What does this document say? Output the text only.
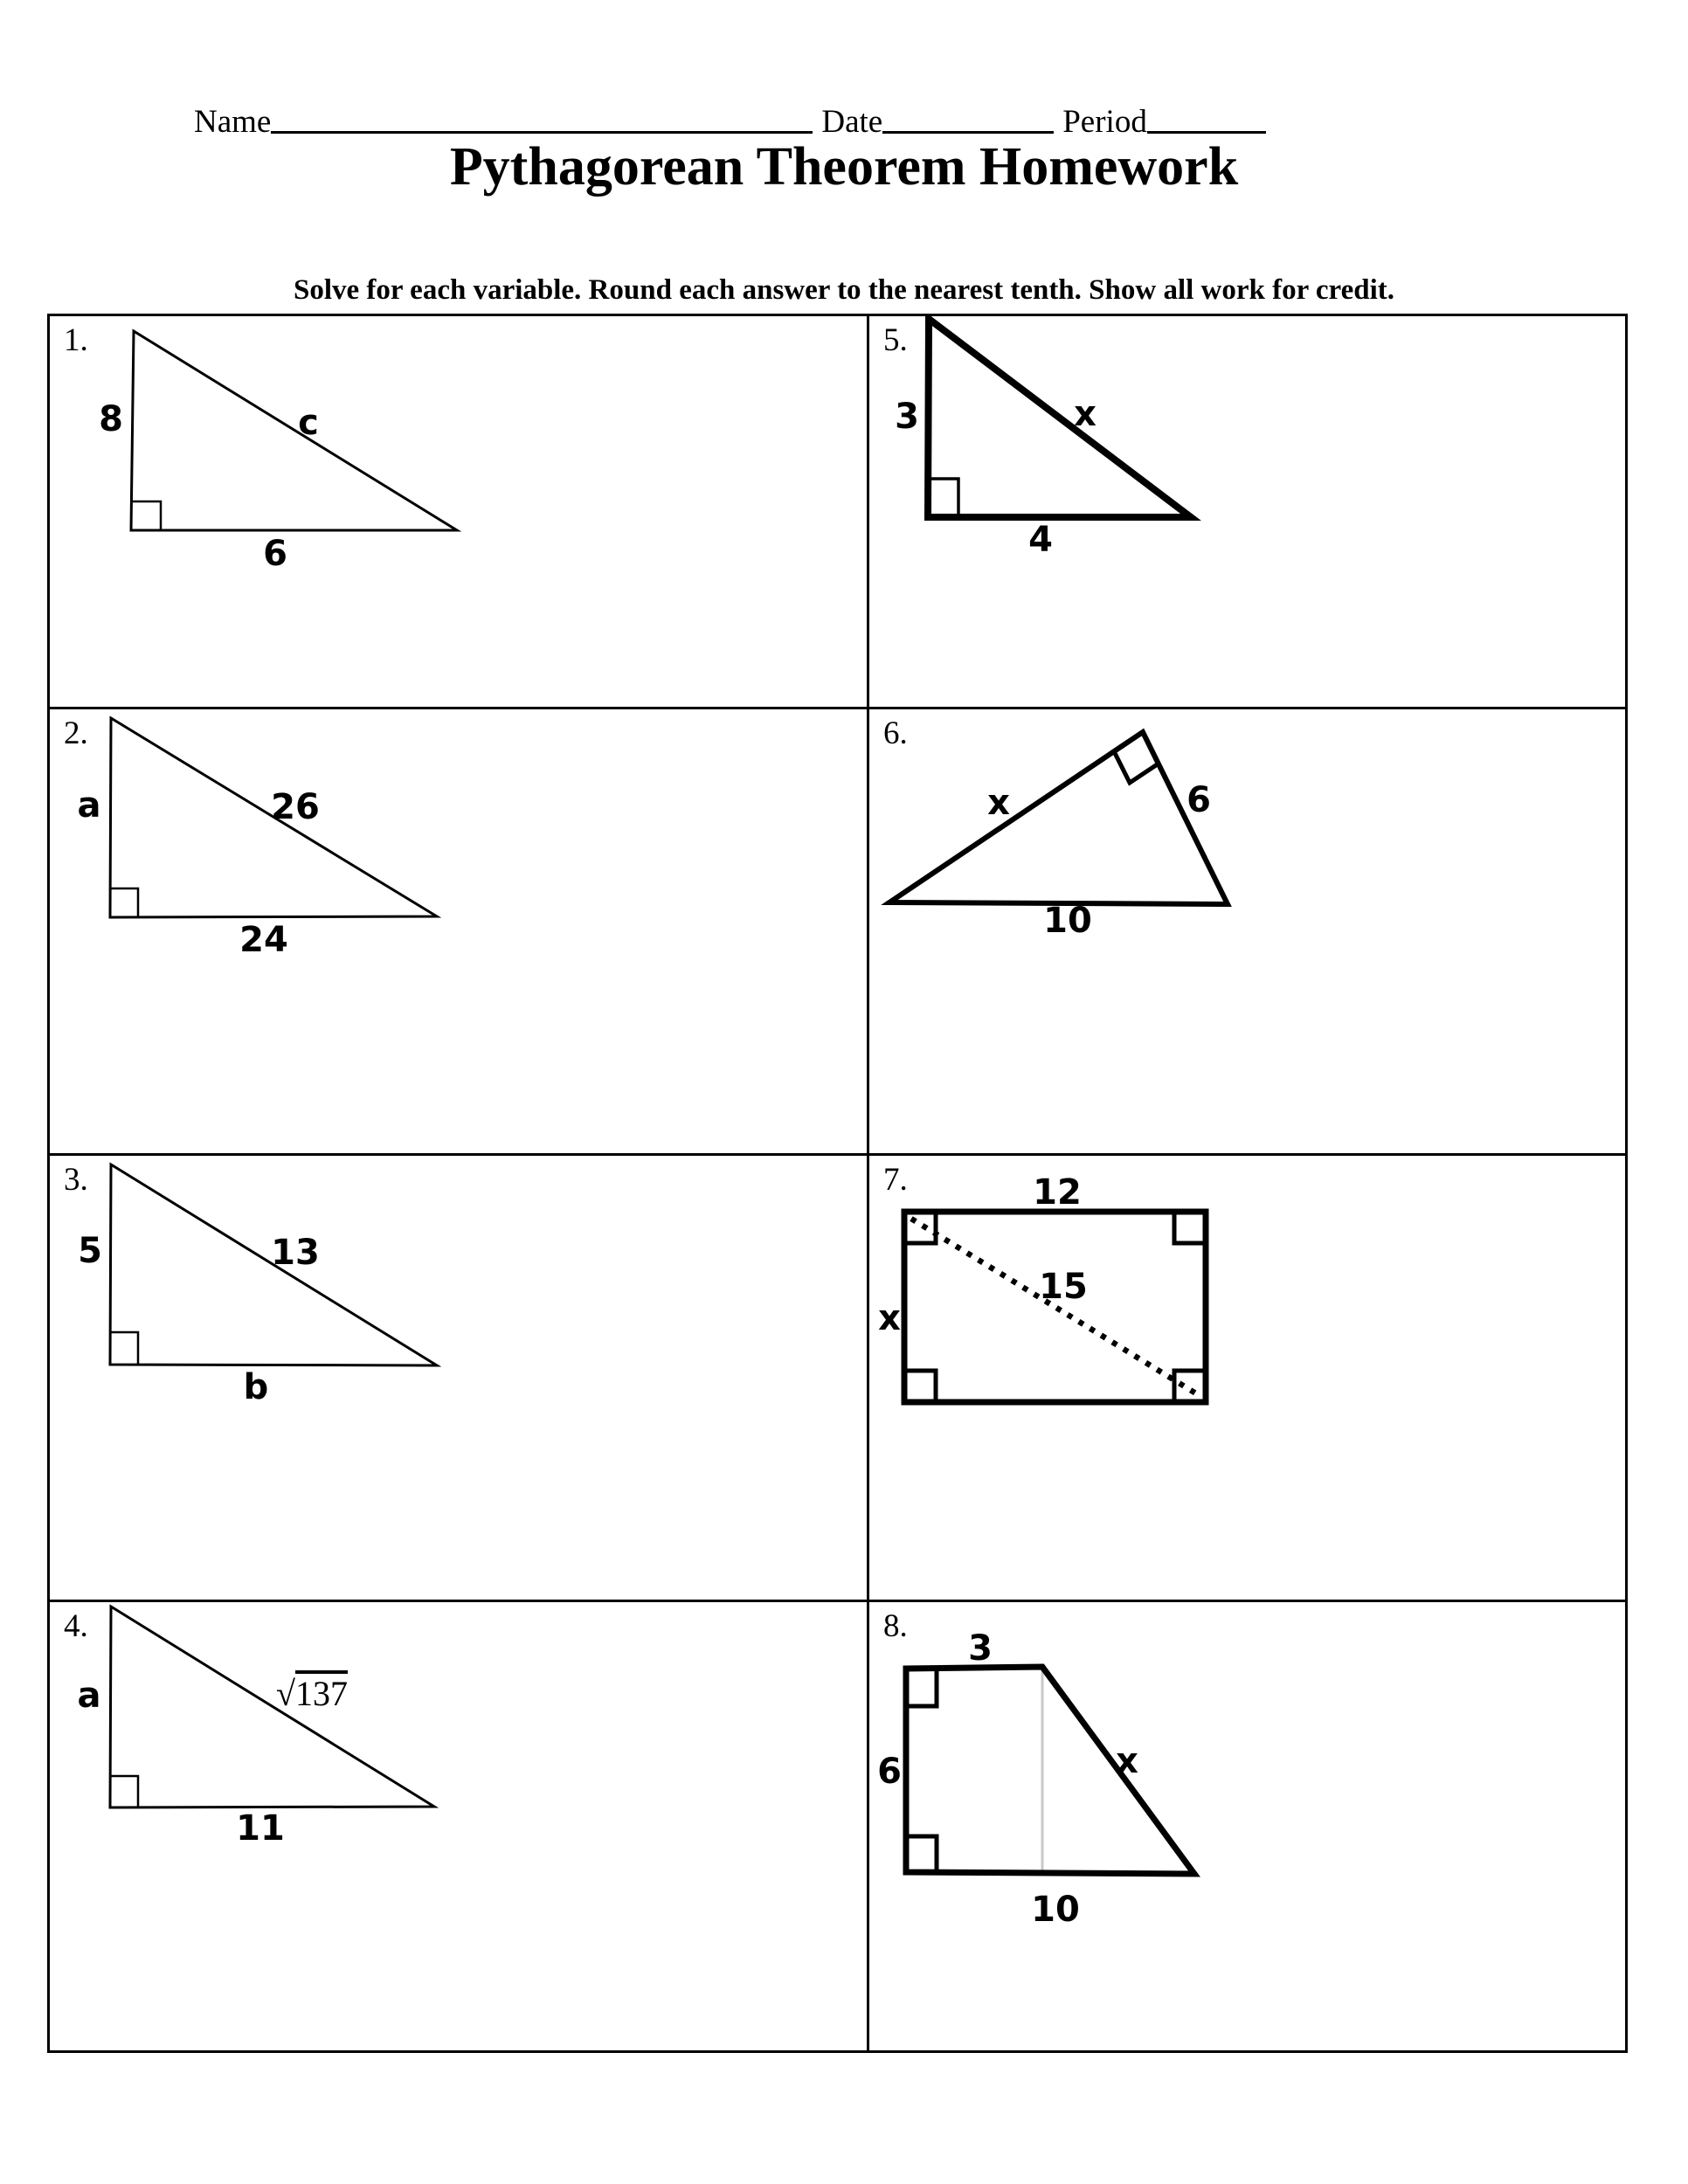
Name	Date	Period
Pythagorean Theorem Homework
Solve for each variable. Round each answer to the nearest tenth. Show all work for credit.
1.
8	c
6
5.
3	x
4
2.
a	26
24
6.
x	6
10
3.
5	13
b
7.	12
15
x
4.
a	√137
11
8.
3
6	x
10
